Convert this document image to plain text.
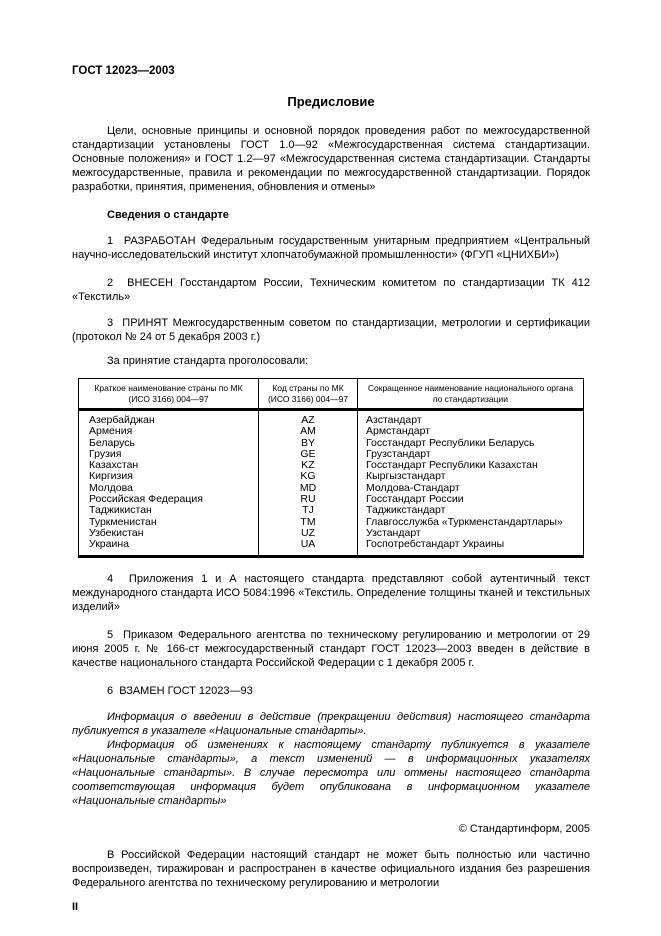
ГОСТ 12023—2003
Предисловие

Цели, основные принципы и основной порядок проведения работ по межгосударственной стандартизации установлены ГОСТ 1.0—92 «Межгосударственная система стандартизации. Основные положения» и ГОСТ 1.2—97 «Межгосударственная система стандартизации. Стандарты межгосударственные, правила и рекомендации по межгосударственной стандартизации. Порядок разработки, принятия, применения, обновления и отмены»

Сведения о стандарте

1  РАЗРАБОТАН Федеральным государственным унитарным предприятием «Центральный научно-исследовательский институт хлопчатобумажной промышленности» (ФГУП «ЦНИХБИ»)

2  ВНЕСЕН Госстандартом России, Техническим комитетом по стандартизации ТК 412 «Текстиль»

3  ПРИНЯТ Межгосударственным советом по стандартизации, метрологии и сертификации (протокол № 24 от 5 декабря 2003 г.)

За принятие стандарта проголосовали:

Краткое наименование страны по МК (ИСО 3166) 004—97	Код страны по МК (ИСО 3166) 004—97	Сокращенное наименование национального органа по стандартизации
Азербайджан	AZ	Азстандарт
Армения	AM	Армстандарт
Беларусь	BY	Госстандарт Республики Беларусь
Грузия	GE	Грузстандарт
Казахстан	KZ	Госстандарт Республики Казахстан
Киргизия	KG	Кыргызстандарт
Молдова	MD	Молдова-Стандарт
Российская Федерация	RU	Госстандарт России
Таджикистан	TJ	Таджикстандарт
Туркменистан	TM	Главгосслужба «Туркменстандартлары»
Узбекистан	UZ	Узстандарт
Украина	UA	Госпотребстандарт Украины

4  Приложения 1 и А настоящего стандарта представляют собой аутентичный текст международного стандарта ИСО 5084:1996 «Текстиль. Определение толщины тканей и текстильных изделий»

5  Приказом Федерального агентства по техническому регулированию и метрологии от 29 июня 2005 г. № 166-ст межгосударственный стандарт ГОСТ 12023—2003 введен в действие в качестве национального стандарта Российской Федерации с 1 декабря 2005 г.

6  ВЗАМЕН ГОСТ 12023—93

Информация о введении в действие (прекращении действия) настоящего стандарта публикуется в указателе «Национальные стандарты».

Информация об изменениях к настоящему стандарту публикуется в указателе «Национальные стандарты», а текст изменений — в информационных указателях «Национальные стандарты». В случае пересмотра или отмены настоящего стандарта соответствующая информация будет опубликована в информационном указателе «Национальные стандарты»

© Стандартинформ, 2005

В Российской Федерации настоящий стандарт не может быть полностью или частично воспроизведен, тиражирован и распространен в качестве официального издания без разрешения Федерального агентства по техническому регулированию и метрологии

II
